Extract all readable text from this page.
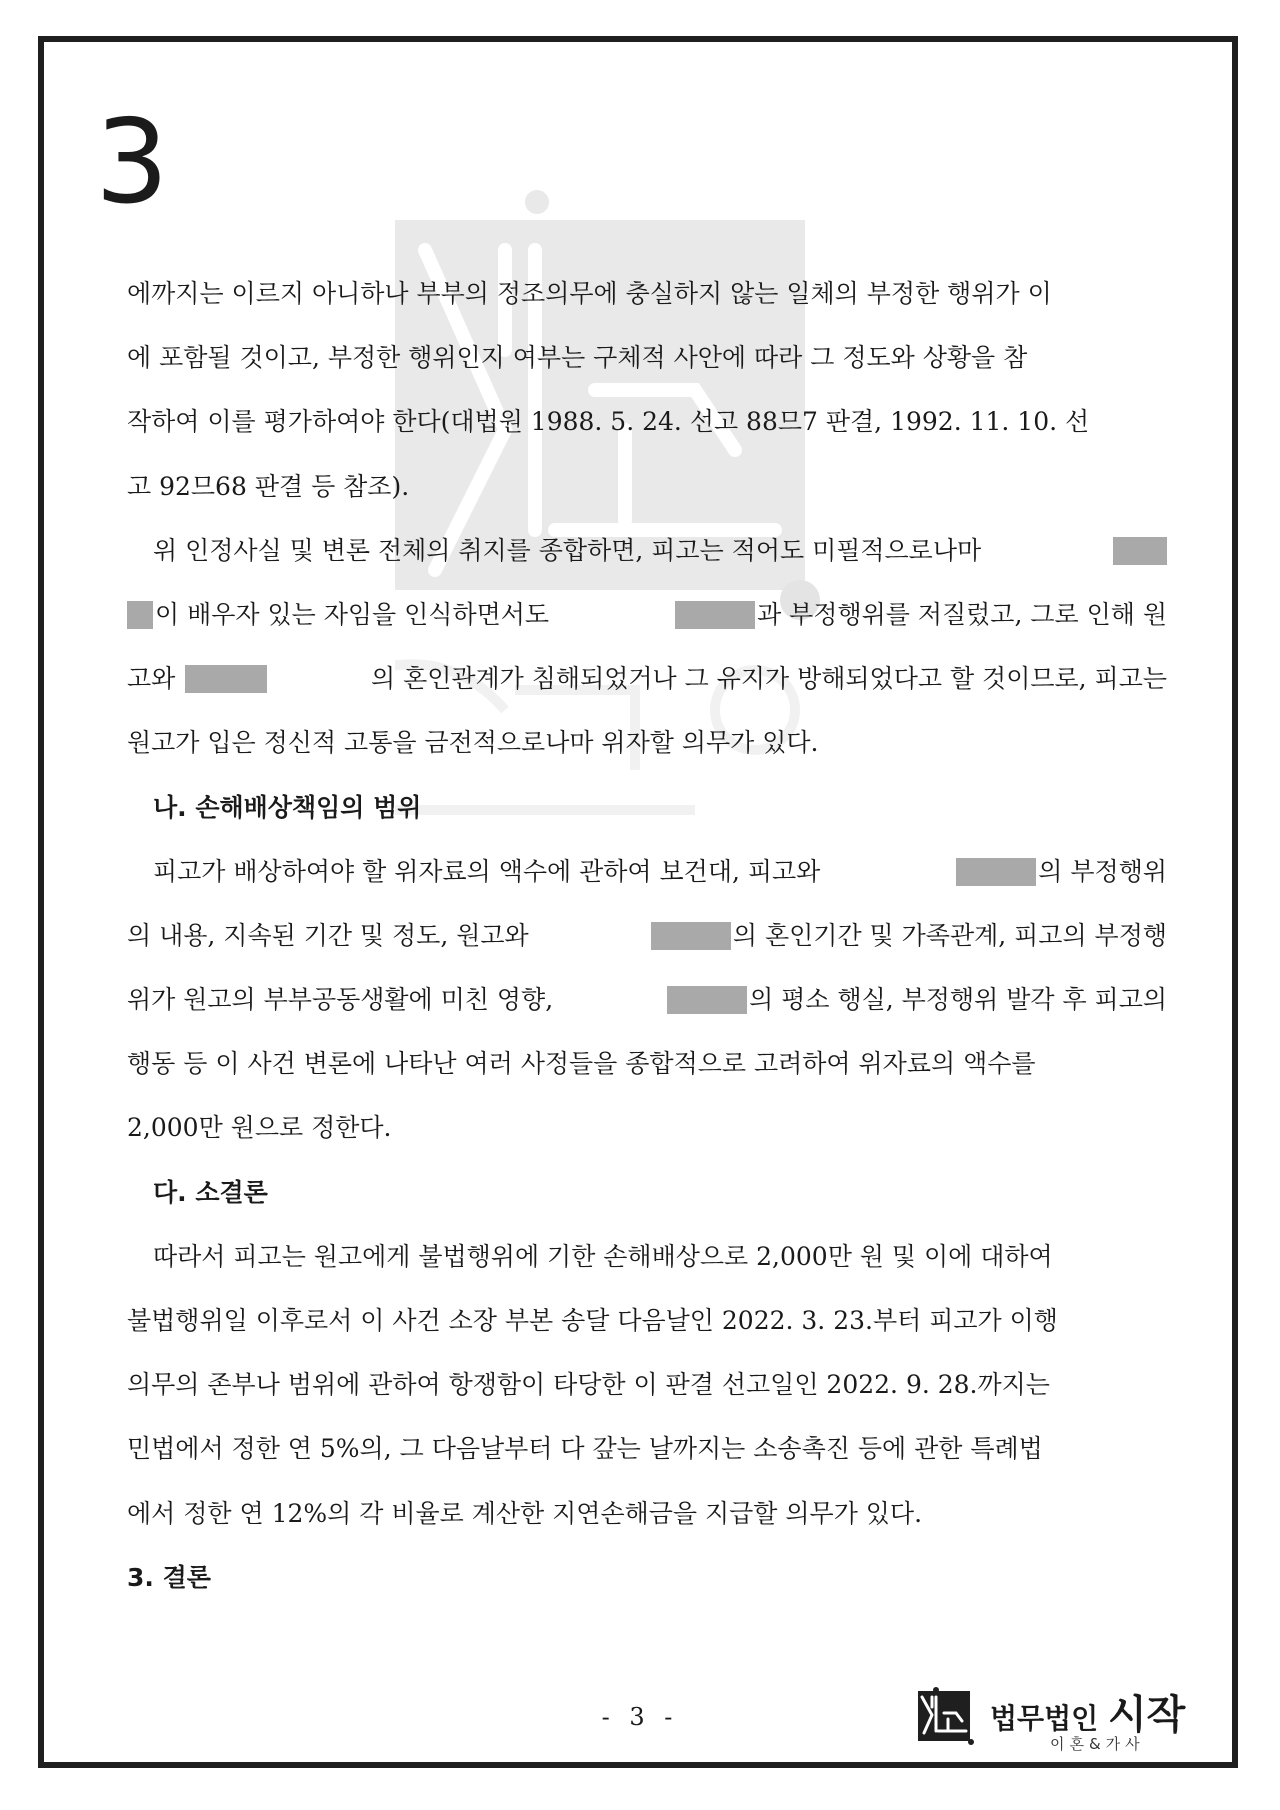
3
에까지는 이르지 아니하나 부부의 정조의무에 충실하지 않는 일체의 부정한 행위가 이
에 포함될 것이고, 부정한 행위인지 여부는 구체적 사안에 따라 그 정도와 상황을 참
작하여 이를 평가하여야 한다(대법원 1988. 5. 24. 선고 88므7 판결, 1992. 11. 10. 선
고 92므68 판결 등 참조).
위 인정사실 및 변론 전체의 취지를 종합하면, 피고는 적어도 미필적으로나마
이 배우자 있는 자임을 인식하면서도	과 부정행위를 저질렀고, 그로 인해 원
고와	의 혼인관계가 침해되었거나 그 유지가 방해되었다고 할 것이므로, 피고는
원고가 입은 정신적 고통을 금전적으로나마 위자할 의무가 있다.
나. 손해배상책임의 범위
피고가 배상하여야 할 위자료의 액수에 관하여 보건대, 피고와	의 부정행위
의 내용, 지속된 기간 및 정도, 원고와	의 혼인기간 및 가족관계, 피고의 부정행
위가 원고의 부부공동생활에 미친 영향,	의 평소 행실, 부정행위 발각 후 피고의
행동 등 이 사건 변론에 나타난 여러 사정들을 종합적으로 고려하여 위자료의 액수를
2,000만 원으로 정한다.
다. 소결론
따라서 피고는 원고에게 불법행위에 기한 손해배상으로 2,000만 원 및 이에 대하여
불법행위일 이후로서 이 사건 소장 부본 송달 다음날인 2022. 3. 23.부터 피고가 이행
의무의 존부나 범위에 관하여 항쟁함이 타당한 이 판결 선고일인 2022. 9. 28.까지는
민법에서 정한 연 5%의, 그 다음날부터 다 갚는 날까지는 소송촉진 등에 관한 특례법
에서 정한 연 12%의 각 비율로 계산한 지연손해금을 지급할 의무가 있다.
3. 결론
- 3 -	법무법인 시작
이혼&가사
